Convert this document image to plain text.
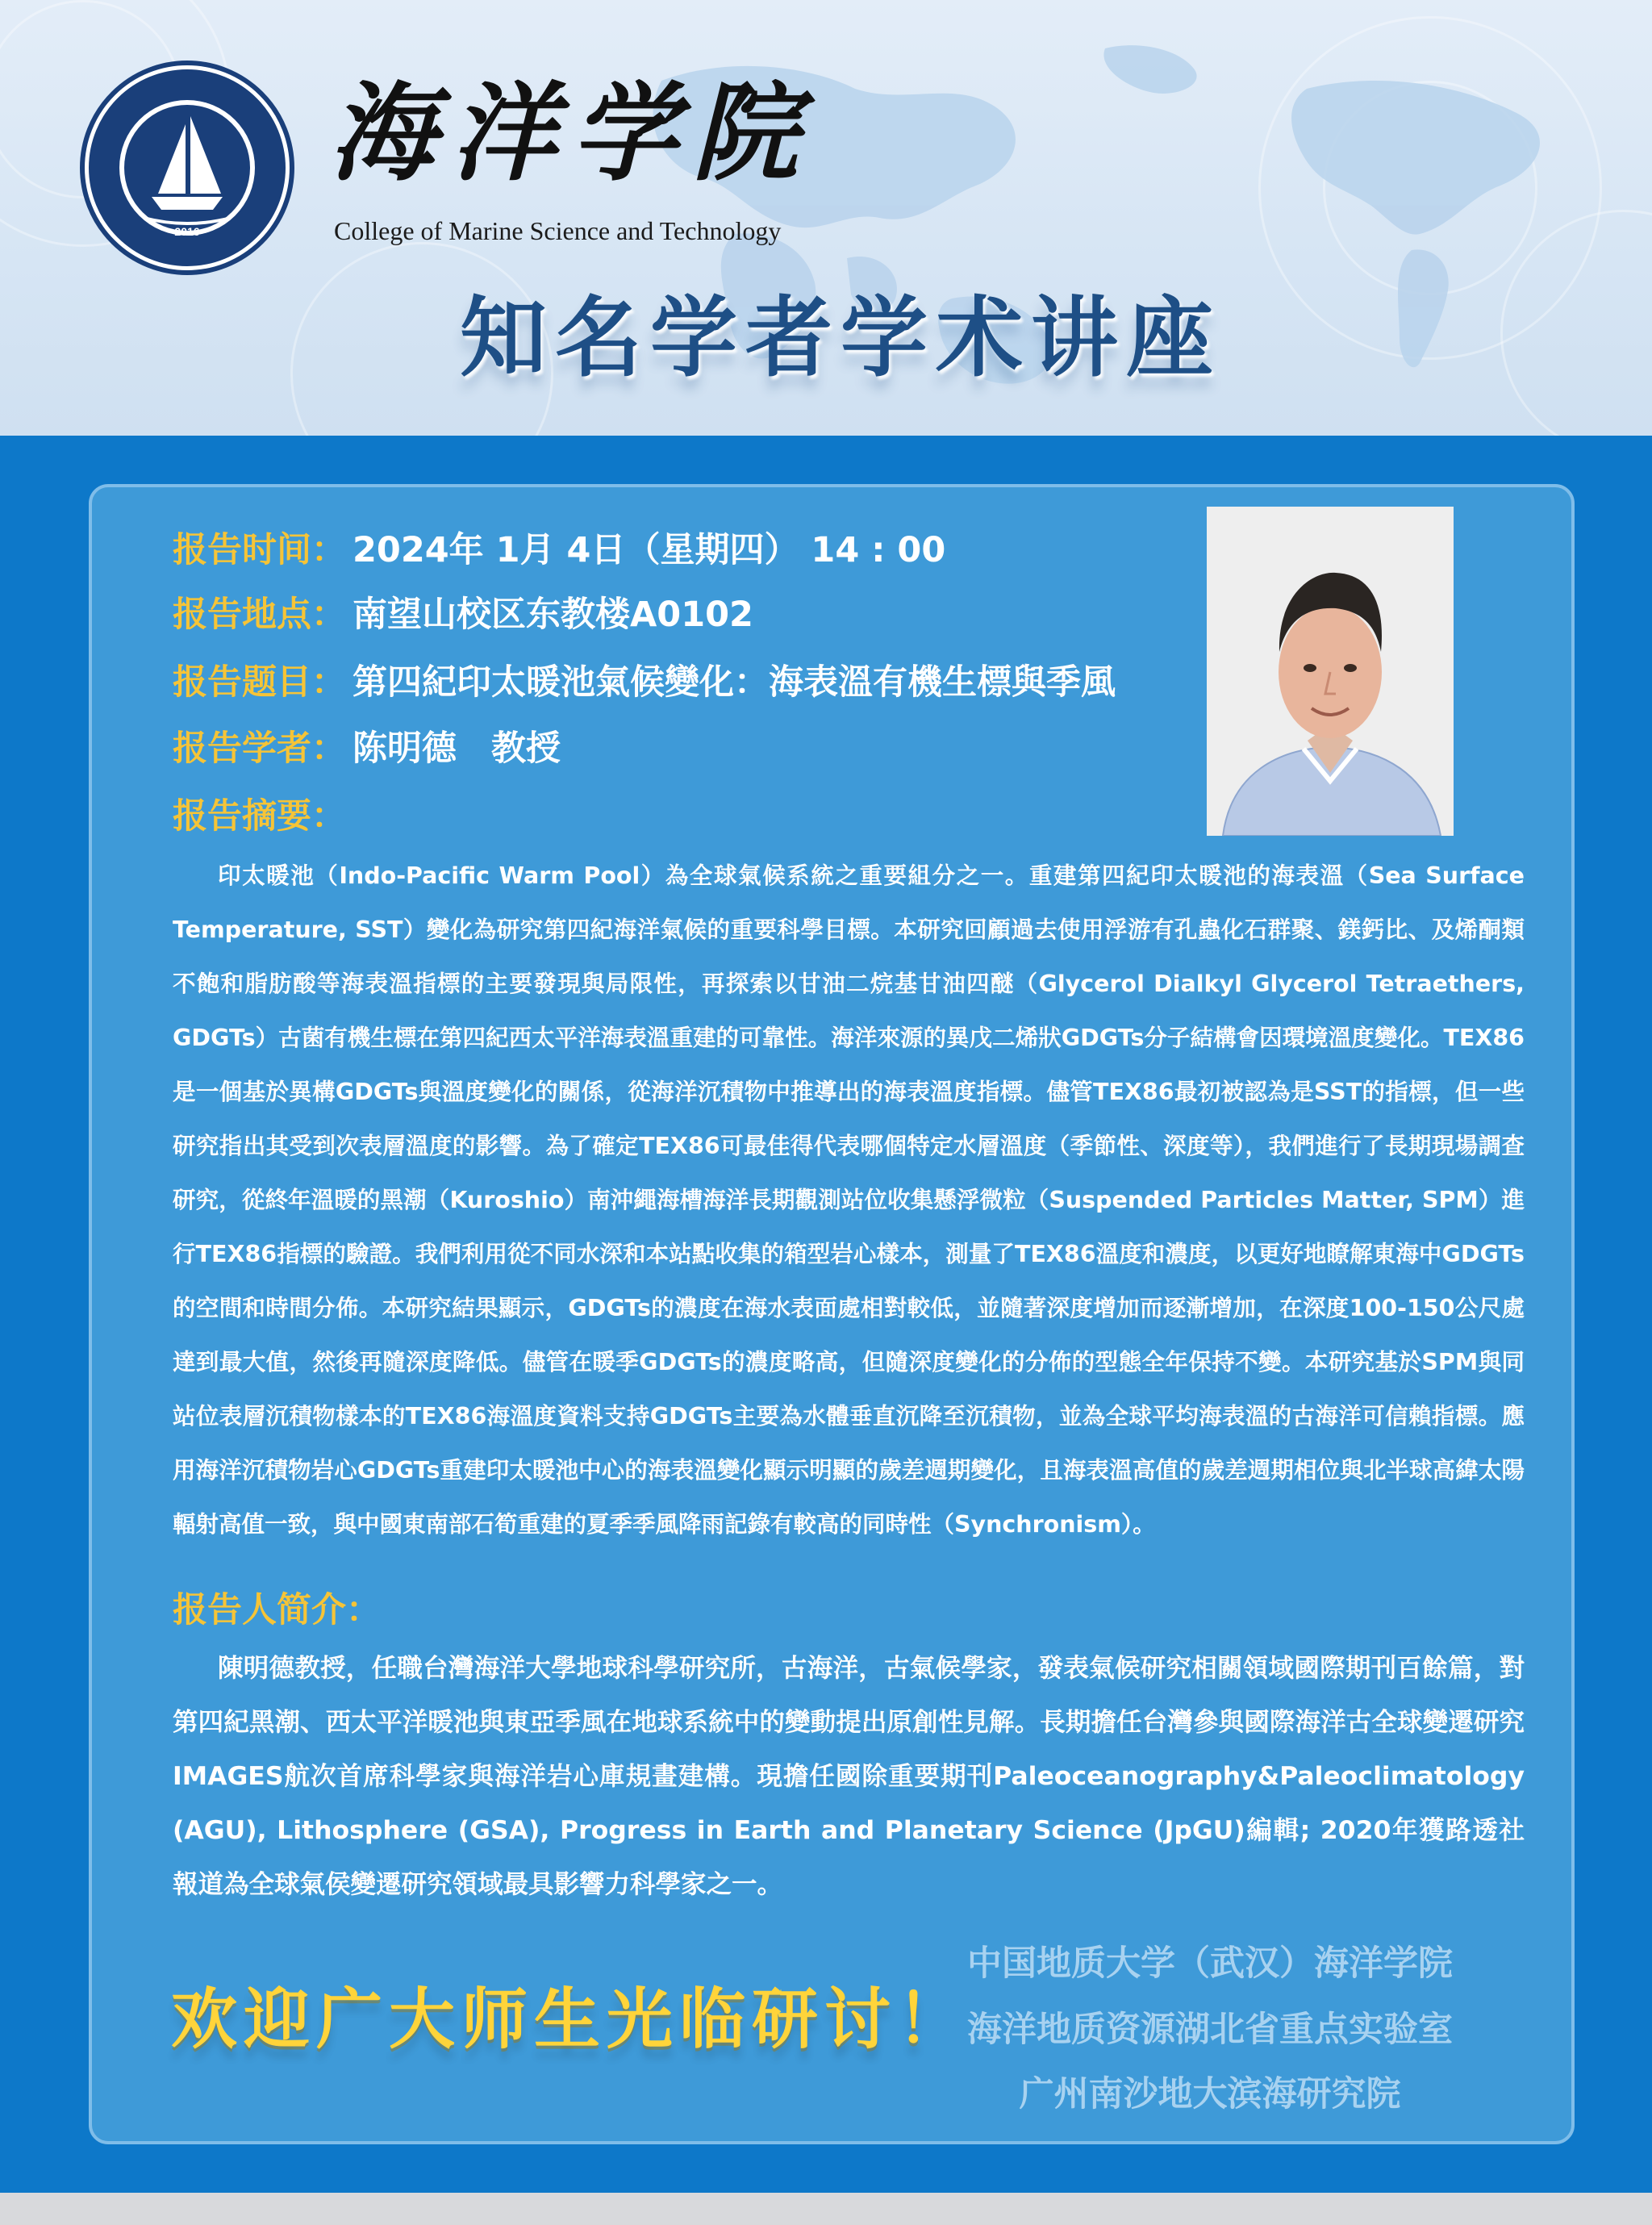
2016
海洋学院
College of Marine Science and Technology
知名学者学术讲座
报告时间： 2024年 1月 4日（星期四） 14 : 00
报告地点： 南望山校区东教楼A0102
报告题目： 第四紀印太暖池氣候變化：海表溫有機生標與季風
报告学者： 陈明德　教授
报告摘要：

印太暖池（Indo-Pacific Warm Pool）為全球氣候系統之重要組分之一。重建第四紀印太暖池的海表溫（Sea Surface Temperature, SST）變化為研究第四紀海洋氣候的重要科學目標。本研究回顧過去使用浮游有孔蟲化石群聚、鎂鈣比、及烯酮類不飽和脂肪酸等海表溫指標的主要發現與局限性，再探索以甘油二烷基甘油四醚（Glycerol Dialkyl Glycerol Tetraethers, GDGTs）古菌有機生標在第四紀西太平洋海表溫重建的可靠性。海洋來源的異戊二烯狀GDGTs分子結構會因環境溫度變化。TEX86是一個基於異構GDGTs與溫度變化的關係，從海洋沉積物中推導出的海表溫度指標。儘管TEX86最初被認為是SST的指標，但一些研究指出其受到次表層溫度的影響。為了確定TEX86可最佳得代表哪個特定水層溫度（季節性、深度等），我們進行了長期現場調查研究，從終年溫暖的黑潮（Kuroshio）南沖繩海槽海洋長期觀測站位收集懸浮微粒（Suspended Particles Matter, SPM）進行TEX86指標的驗證。我們利用從不同水深和本站點收集的箱型岩心樣本，測量了TEX86溫度和濃度，以更好地瞭解東海中GDGTs的空間和時間分佈。本研究結果顯示，GDGTs的濃度在海水表面處相對較低，並隨著深度增加而逐漸增加，在深度100-150公尺處達到最大值，然後再隨深度降低。儘管在暖季GDGTs的濃度略高，但隨深度變化的分佈的型態全年保持不變。本研究基於SPM與同站位表層沉積物樣本的TEX86海溫度資料支持GDGTs主要為水體垂直沉降至沉積物，並為全球平均海表溫的古海洋可信賴指標。應用海洋沉積物岩心GDGTs重建印太暖池中心的海表溫變化顯示明顯的歲差週期變化，且海表溫高值的歲差週期相位與北半球高緯太陽輻射高值一致，與中國東南部石筍重建的夏季季風降雨記錄有較高的同時性（Synchronism）。

报告人简介：

陳明德教授，任職台灣海洋大學地球科學研究所，古海洋，古氣候學家，發表氣候研究相關領域國際期刊百餘篇，對第四紀黑潮、西太平洋暖池與東亞季風在地球系統中的變動提出原創性見解。長期擔任台灣參與國際海洋古全球變遷研究IMAGES航次首席科學家與海洋岩心庫規畫建構。現擔任國除重要期刊Paleoceanography&Paleoclimatology (AGU), Lithosphere (GSA), Progress in Earth and Planetary Science (JpGU)編輯; 2020年獲路透社報道為全球氣侯變遷研究領域最具影響力科學家之一。

欢迎广大师生光临研讨！
中国地质大学（武汉）海洋学院
海洋地质资源湖北省重点实验室
广州南沙地大滨海研究院
